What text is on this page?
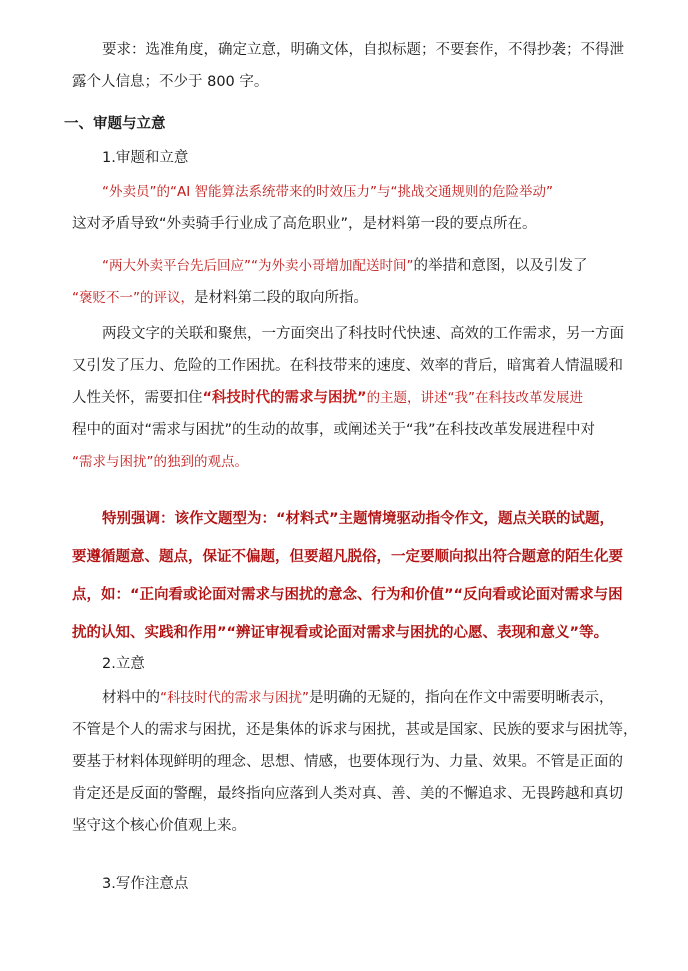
要求：选准角度，确定立意，明确文体，自拟标题；不要套作，不得抄袭；不得泄
露个人信息；不少于 800 字。
一、审题与立意
1.审题和立意
“外卖员”的“AI 智能算法系统带来的时效压力”与“挑战交通规则的危险举动”
这对矛盾导致“外卖骑手行业成了高危职业”，是材料第一段的要点所在。
“两大外卖平台先后回应”“为外卖小哥增加配送时间”的举措和意图，以及引发了
“褒贬不一”的评议，是材料第二段的取向所指。
两段文字的关联和聚焦，一方面突出了科技时代快速、高效的工作需求，另一方面
又引发了压力、危险的工作困扰。在科技带来的速度、效率的背后，暗寓着人情温暖和
人性关怀，需要扣住“科技时代的需求与困扰”的主题，讲述“我”在科技改革发展进
程中的面对“需求与困扰”的生动的故事，或阐述关于“我”在科技改革发展进程中对
“需求与困扰”的独到的观点。
特别强调：该作文题型为：“材料式”主题情境驱动指令作文，题点关联的试题，
要遵循题意、题点，保证不偏题，但要超凡脱俗，一定要顺向拟出符合题意的陌生化要
点，如：“正向看或论面对需求与困扰的意念、行为和价值”“反向看或论面对需求与困
扰的认知、实践和作用”“辨证审视看或论面对需求与困扰的心愿、表现和意义”等。
2.立意
材料中的“科技时代的需求与困扰”是明确的无疑的，指向在作文中需要明晰表示，
不管是个人的需求与困扰，还是集体的诉求与困扰，甚或是国家、民族的要求与困扰等，
要基于材料体现鲜明的理念、思想、情感，也要体现行为、力量、效果。不管是正面的
肯定还是反面的警醒，最终指向应落到人类对真、善、美的不懈追求、无畏跨越和真切
坚守这个核心价值观上来。
3.写作注意点
